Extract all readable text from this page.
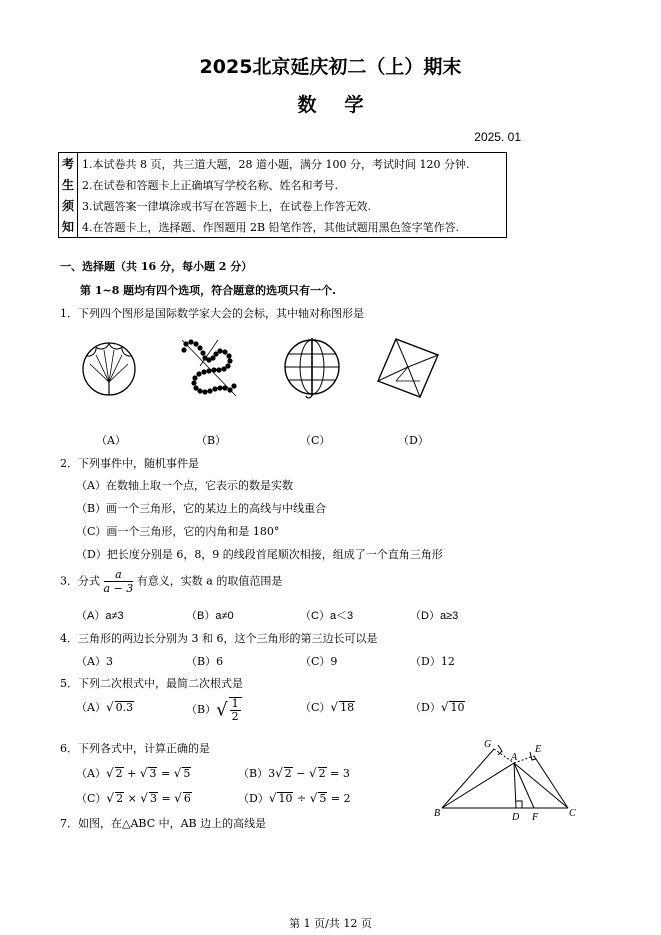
2025北京延庆初二（上）期末
数学
2025. 01
考	1.本试卷共 8 页，共三道大题，28 道小题，满分 100 分，考试时间 120 分钟.
生	2.在试卷和答题卡上正确填写学校名称、姓名和考号.
须	3.试题答案一律填涂或书写在答题卡上，在试卷上作答无效.
知	4.在答题卡上，选择题、作图题用 2B 铅笔作答，其他试题用黑色签字笔作答.
一、选择题（共 16 分，每小题 2 分）
第 1~8 题均有四个选项，符合题意的选项只有一个.
1．下列四个图形是国际数学家大会的会标，其中轴对称图形是
（A）	（B）	（C）	（D）
2．下列事件中，随机事件是
（A）在数轴上取一个点，它表示的数是实数
（B）画一个三角形，它的某边上的高线与中线重合
（C）画一个三角形，它的内角和是 180°
（D）把长度分别是 6，8，9 的线段首尾顺次相接，组成了一个直角三角形
3．分式 $\frac{a}{a - 3}$ 有意义，实数 a 的取值范围是
（A）a≠3	（B）a≠0	（C）a＜3	（D）a≥3
4．三角形的两边长分别为 3 和 6，这个三角形的第三边长可以是
（A）3	（B）6	（C）9	（D）12
5．下列二次根式中，最简二次根式是
（A）√ 0.3	$(B)√ \frac{1}{2}$	（C）√ 18	（D）√ 10
6．下列各式中，计算正确的是
（A）√ 2 + √ 3 = √ 5	（B）3√ 2 − √ 2 = 3
（C）√ 2 × √ 3 = √ 6	（D）√ 10 ÷ √ 5 = 2
7．如图，在△ABC 中，AB 边上的高线是
G
A
E
B	D F	C
第 1 页/共 12 页
